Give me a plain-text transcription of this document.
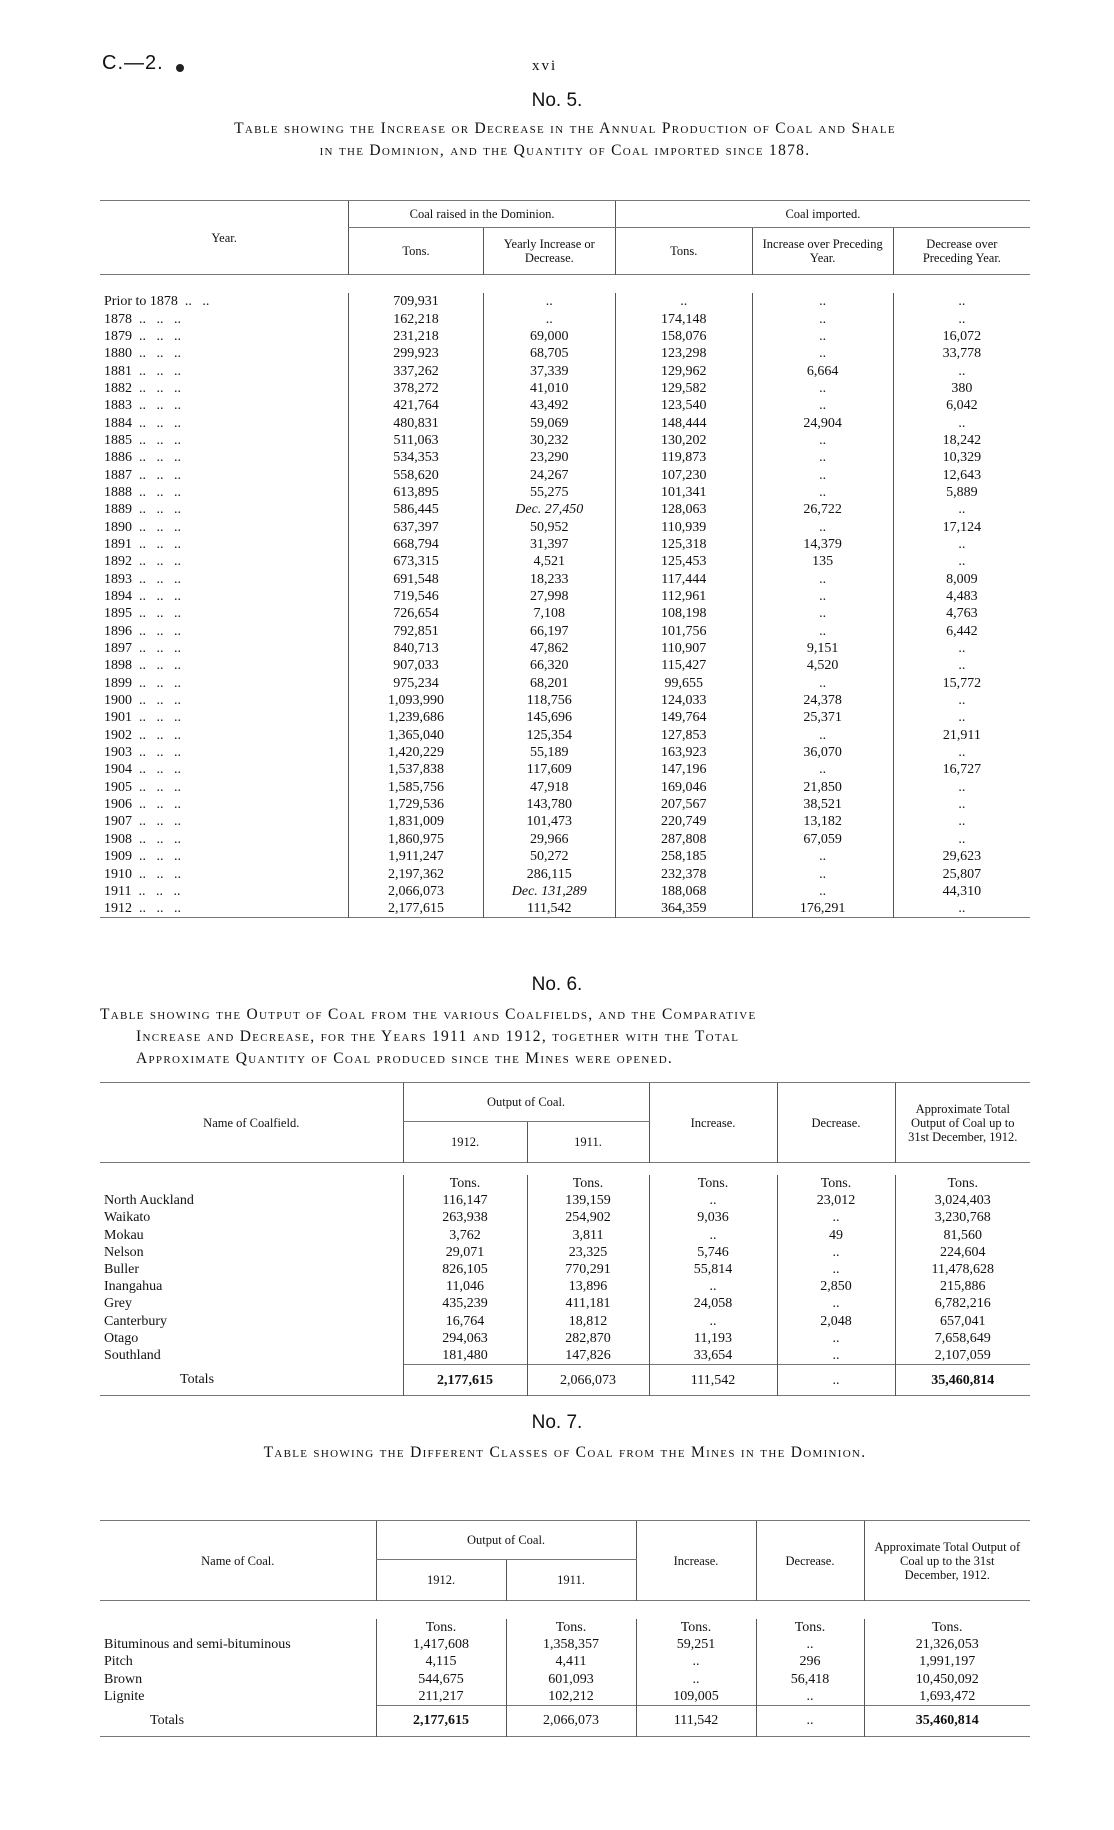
C.—2.	xvi
No. 5.
Table showing the Increase or Decrease in the Annual Production of Coal and Shale
in the Dominion, and the Quantity of Coal imported since 1878.
Year.	Coal raised in the Dominion.		Coal imported.		
	Tons.	Yearly Increase or Decrease.	Tons.	Increase over Preceding Year.	Decrease over Preceding Year.

Prior to 1878  ..   ..	709,931	..	..	..	..
1878  ..   ..   ..	162,218	..	174,148	..	..
1879  ..   ..   ..	231,218	69,000	158,076	..	16,072
1880  ..   ..   ..	299,923	68,705	123,298	..	33,778
1881  ..   ..   ..	337,262	37,339	129,962	6,664	..
1882  ..   ..   ..	378,272	41,010	129,582	..	380
1883  ..   ..   ..	421,764	43,492	123,540	..	6,042
1884  ..   ..   ..	480,831	59,069	148,444	24,904	..
1885  ..   ..   ..	511,063	30,232	130,202	..	18,242
1886  ..   ..   ..	534,353	23,290	119,873	..	10,329
1887  ..   ..   ..	558,620	24,267	107,230	..	12,643
1888  ..   ..   ..	613,895	55,275	101,341	..	5,889
1889  ..   ..   ..	586,445	Dec. 27,450	128,063	26,722	..
1890  ..   ..   ..	637,397	50,952	110,939	..	17,124
1891  ..   ..   ..	668,794	31,397	125,318	14,379	..
1892  ..   ..   ..	673,315	4,521	125,453	135	..
1893  ..   ..   ..	691,548	18,233	117,444	..	8,009
1894  ..   ..   ..	719,546	27,998	112,961	..	4,483
1895  ..   ..   ..	726,654	7,108	108,198	..	4,763
1896  ..   ..   ..	792,851	66,197	101,756	..	6,442
1897  ..   ..   ..	840,713	47,862	110,907	9,151	..
1898  ..   ..   ..	907,033	66,320	115,427	4,520	..
1899  ..   ..   ..	975,234	68,201	99,655	..	15,772
1900  ..   ..   ..	1,093,990	118,756	124,033	24,378	..
1901  ..   ..   ..	1,239,686	145,696	149,764	25,371	..
1902  ..   ..   ..	1,365,040	125,354	127,853	..	21,911
1903  ..   ..   ..	1,420,229	55,189	163,923	36,070	..
1904  ..   ..   ..	1,537,838	117,609	147,196	..	16,727
1905  ..   ..   ..	1,585,756	47,918	169,046	21,850	..
1906  ..   ..   ..	1,729,536	143,780	207,567	38,521	..
1907  ..   ..   ..	1,831,009	101,473	220,749	13,182	..
1908  ..   ..   ..	1,860,975	29,966	287,808	67,059	..
1909  ..   ..   ..	1,911,247	50,272	258,185	..	29,623
1910  ..   ..   ..	2,197,362	286,115	232,378	..	25,807
1911  ..   ..   ..	2,066,073	Dec. 131,289	188,068	..	44,310
1912  ..   ..   ..	2,177,615	111,542	364,359	176,291	..

No. 6.
Table showing the Output of Coal from the various Coalfields, and the Comparative
Increase and Decrease, for the Years 1911 and 1912, together with the Total
Approximate Quantity of Coal produced since the Mines were opened.
Name of Coalfield.	Output of Coal.		Increase.	Decrease.	Approximate Total Output of Coal up to 31st December, 1912.
	1912.	1911.			

	Tons.	Tons.	Tons.	Tons.	Tons.
North Auckland	116,147	139,159	..	23,012	3,024,403
Waikato	263,938	254,902	9,036	..	3,230,768
Mokau	3,762	3,811	..	49	81,560
Nelson	29,071	23,325	5,746	..	224,604
Buller	826,105	770,291	55,814	..	11,478,628
Inangahua	11,046	13,896	..	2,850	215,886
Grey	435,239	411,181	24,058	..	6,782,216
Canterbury	16,764	18,812	..	2,048	657,041
Otago	294,063	282,870	11,193	..	7,658,649
Southland	181,480	147,826	33,654	..	2,107,059
Totals	2,177,615	2,066,073	111,542	..	35,460,814

No. 7.
Table showing the Different Classes of Coal from the Mines in the Dominion.
Name of Coal.	Output of Coal.		Increase.	Decrease.	Approximate Total Output of Coal up to the 31st December, 1912.
	1912.	1911.			

	Tons.	Tons.	Tons.	Tons.	Tons.
Bituminous and semi-bituminous	1,417,608	1,358,357	59,251	..	21,326,053
Pitch	4,115	4,411	..	296	1,991,197
Brown	544,675	601,093	..	56,418	10,450,092
Lignite	211,217	102,212	109,005	..	1,693,472
Totals	2,177,615	2,066,073	111,542	..	35,460,814
